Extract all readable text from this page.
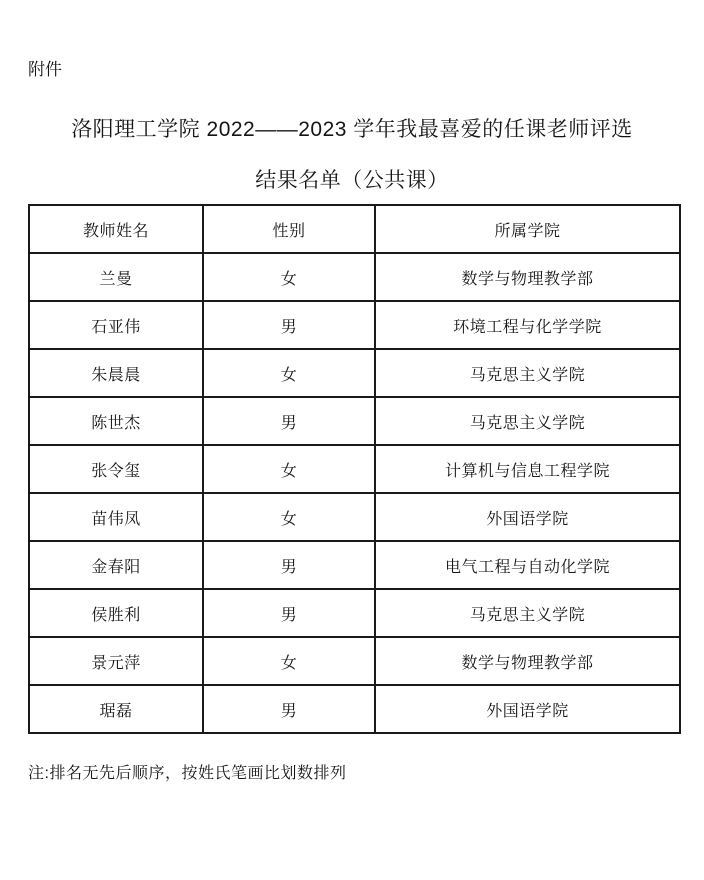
附件
洛阳理工学院 2022——2023 学年我最喜爱的任课老师评选
结果名单（公共课）
教师姓名	性别	所属学院
兰曼	女	数学与物理教学部
石亚伟	男	环境工程与化学学院
朱晨晨	女	马克思主义学院
陈世杰	男	马克思主义学院
张令玺	女	计算机与信息工程学院
苗伟凤	女	外国语学院
金春阳	男	电气工程与自动化学院
侯胜利	男	马克思主义学院
景元萍	女	数学与物理教学部
琚磊	男	外国语学院
注:排名无先后顺序，按姓氏笔画比划数排列
